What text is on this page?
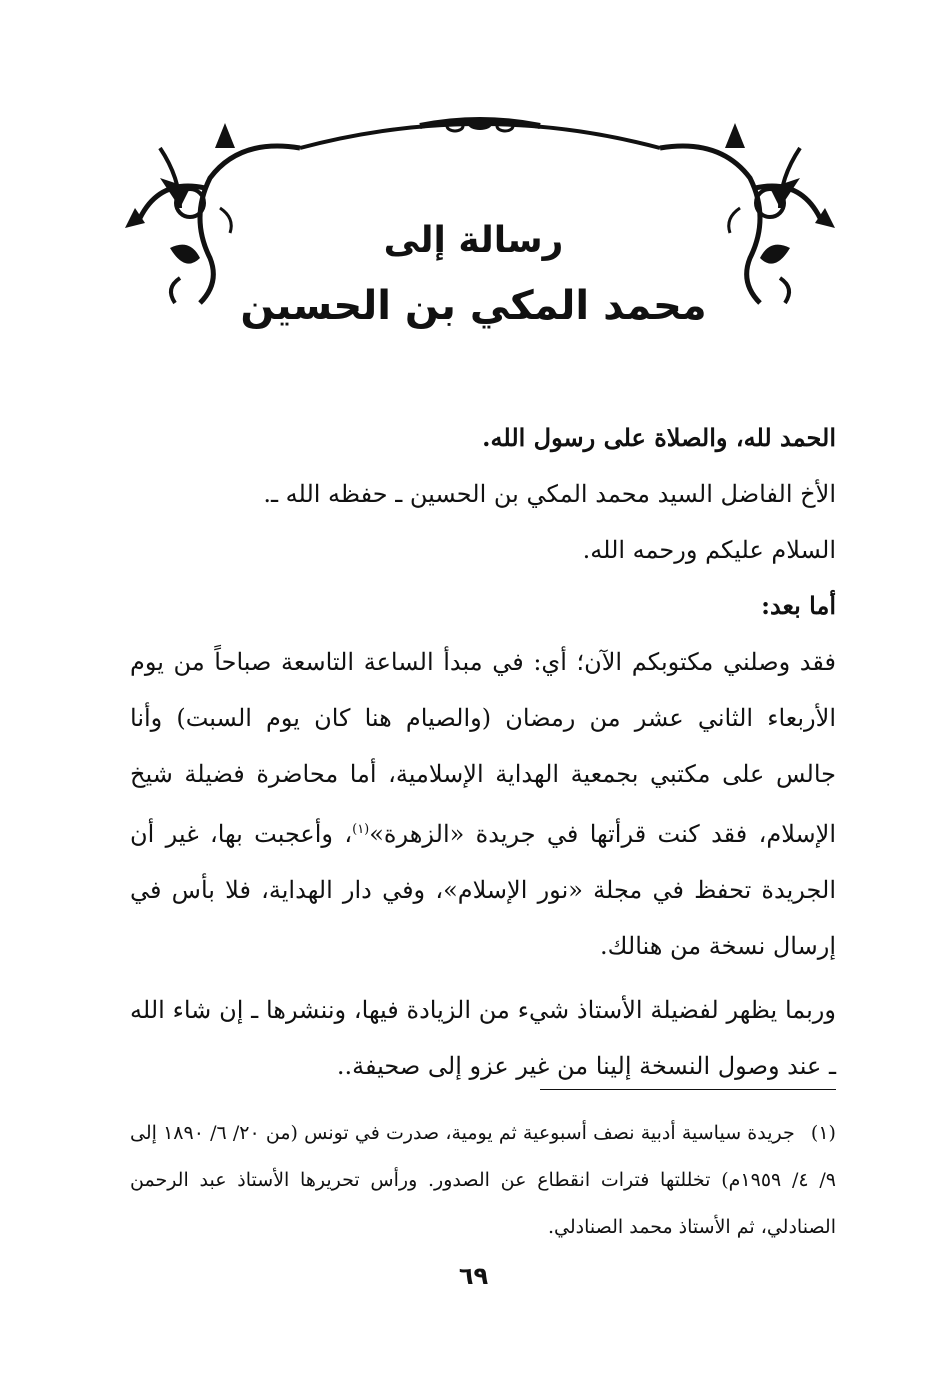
رسالة إلى
محمد المكي بن الحسين

الحمد لله، والصلاة على رسول الله.

الأخ الفاضل السيد محمد المكي بن الحسين ـ حفظه الله ـ.

السلام عليكم ورحمه الله.

أما بعد:

فقد وصلني مكتوبكم الآن؛ أي: في مبدأ الساعة التاسعة صباحاً من يوم الأربعاء الثاني عشر من رمضان (والصيام هنا كان يوم السبت) وأنا جالس على مكتبي بجمعية الهداية الإسلامية، أما محاضرة فضيلة شيخ الإسلام، فقد كنت قرأتها في جريدة «الزهرة»$^{(١)}$، وأعجبت بها، غير أن الجريدة تحفظ في مجلة «نور الإسلام»، وفي دار الهداية، فلا بأس في إرسال نسخة من هنالك.

وربما يظهر لفضيلة الأستاذ شيء من الزيادة فيها، وننشرها ـ إن شاء الله ـ عند وصول النسخة إلينا من غير عزو إلى صحيفة..

(١) جريدة سياسية أدبية نصف أسبوعية ثم يومية، صدرت في تونس (من ٢٠/ ٦/ ١٨٩٠ إلى ٩/ ٤/ ١٩٥٩م) تخللتها فترات انقطاع عن الصدور. ورأس تحريرها الأستاذ عبد الرحمن الصنادلي، ثم الأستاذ محمد الصنادلي.
٦٩
